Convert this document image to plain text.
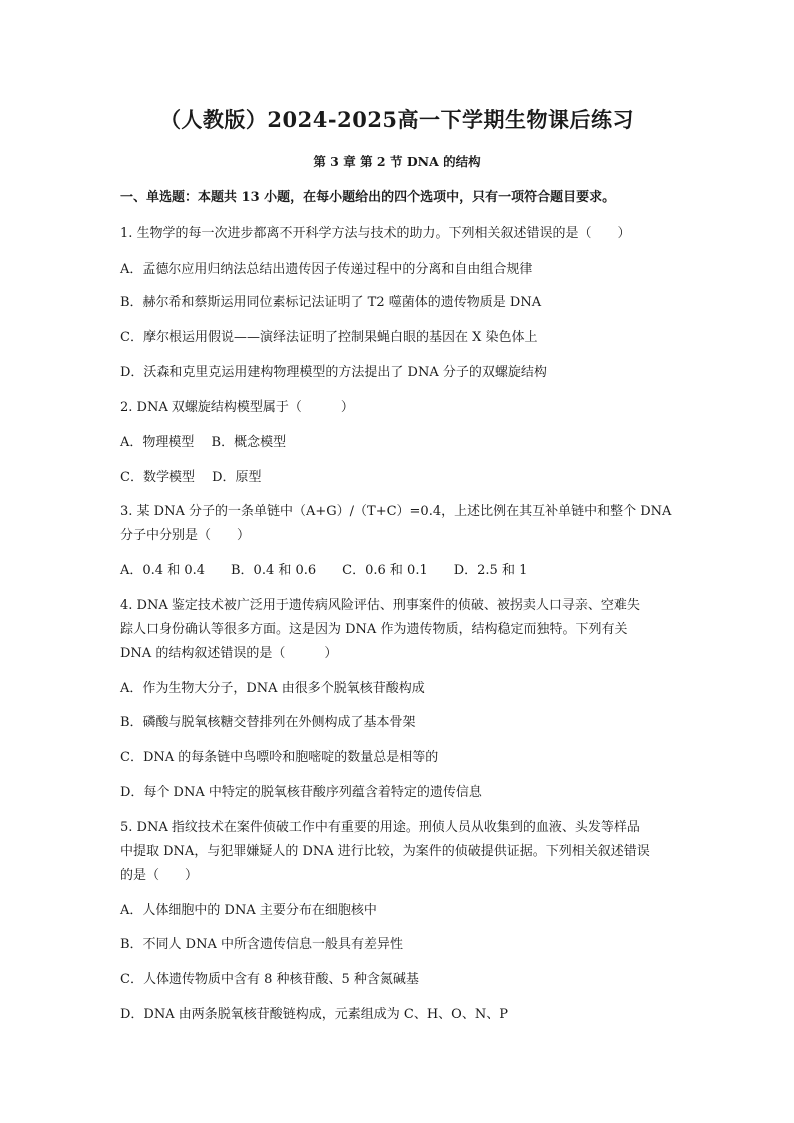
（人教版）2024-2025高一下学期生物课后练习
第 3 章 第 2 节 DNA 的结构
一、单选题：本题共 13 小题，在每小题给出的四个选项中，只有一项符合题目要求。
1. 生物学的每一次进步都离不开科学方法与技术的助力。下列相关叙述错误的是（　　）
A．孟德尔应用归纳法总结出遗传因子传递过程中的分离和自由组合规律
B．赫尔希和蔡斯运用同位素标记法证明了 T2 噬菌体的遗传物质是 DNA
C．摩尔根运用假说——演绎法证明了控制果蝇白眼的基因在 X 染色体上
D．沃森和克里克运用建构物理模型的方法提出了 DNA 分子的双螺旋结构
2. DNA 双螺旋结构模型属于（　　　）
A．物理模型　 B．概念模型
C．数学模型　 D．原型
3. 某 DNA 分子的一条单链中（A+G）/（T+C）=0.4，上述比例在其互补单链中和整个 DNA
分子中分别是（　　）
A．0.4 和 0.4　　B．0.4 和 0.6　　C．0.6 和 0.1　　D．2.5 和 1
4. DNA 鉴定技术被广泛用于遗传病风险评估、刑事案件的侦破、被拐卖人口寻亲、空难失
踪人口身份确认等很多方面。这是因为 DNA 作为遗传物质，结构稳定而独特。下列有关
DNA 的结构叙述错误的是（　　　）
A．作为生物大分子，DNA 由很多个脱氧核苷酸构成
B．磷酸与脱氧核糖交替排列在外侧构成了基本骨架
C．DNA 的每条链中鸟嘌呤和胞嘧啶的数量总是相等的
D．每个 DNA 中特定的脱氧核苷酸序列蕴含着特定的遗传信息
5. DNA 指纹技术在案件侦破工作中有重要的用途。刑侦人员从收集到的血液、头发等样品
中提取 DNA，与犯罪嫌疑人的 DNA 进行比较，为案件的侦破提供证据。下列相关叙述错误
的是（　　）
A．人体细胞中的 DNA 主要分布在细胞核中
B．不同人 DNA 中所含遗传信息一般具有差异性
C．人体遗传物质中含有 8 种核苷酸、5 种含氮碱基
D．DNA 由两条脱氧核苷酸链构成，元素组成为 C、H、O、N、P
